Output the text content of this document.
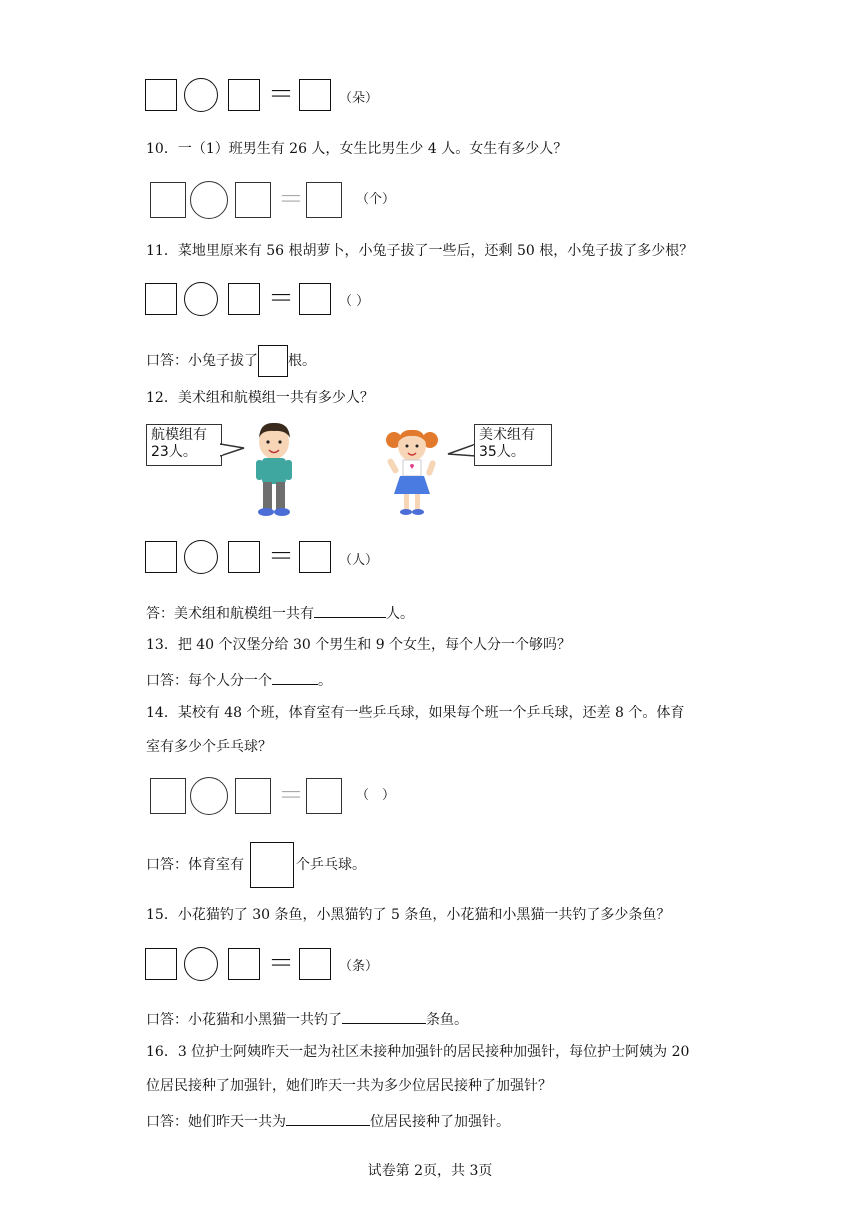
＝	（朵）
10．一（1）班男生有 26 人，女生比男生少 4 人。女生有多少人？
＝	（个）
11．菜地里原来有 56 根胡萝卜，小兔子拔了一些后，还剩 50 根，小兔子拔了多少根？
＝	（ ）
口答：小兔子拔了 根。
12．美术组和航模组一共有多少人？
航模组有
23人。
美术组有
35人。
＝	（人）
答：美术组和航模组一共有	人。
13．把 40 个汉堡分给 30 个男生和 9 个女生，每个人分一个够吗？
口答：每个人分一个	。
14．某校有 48 个班，体育室有一些乒乓球，如果每个班一个乒乓球，还差 8 个。体育
室有多少个乒乓球？
＝	（　）
口答：体育室有	个乒乓球。
15．小花猫钓了 30 条鱼，小黑猫钓了 5 条鱼，小花猫和小黑猫一共钓了多少条鱼？
＝	（条）
口答：小花猫和小黑猫一共钓了	条鱼。
16．3 位护士阿姨昨天一起为社区未接种加强针的居民接种加强针，每位护士阿姨为 20
位居民接种了加强针，她们昨天一共为多少位居民接种了加强针？
口答：她们昨天一共为	位居民接种了加强针。
试卷第 2页，共 3页
